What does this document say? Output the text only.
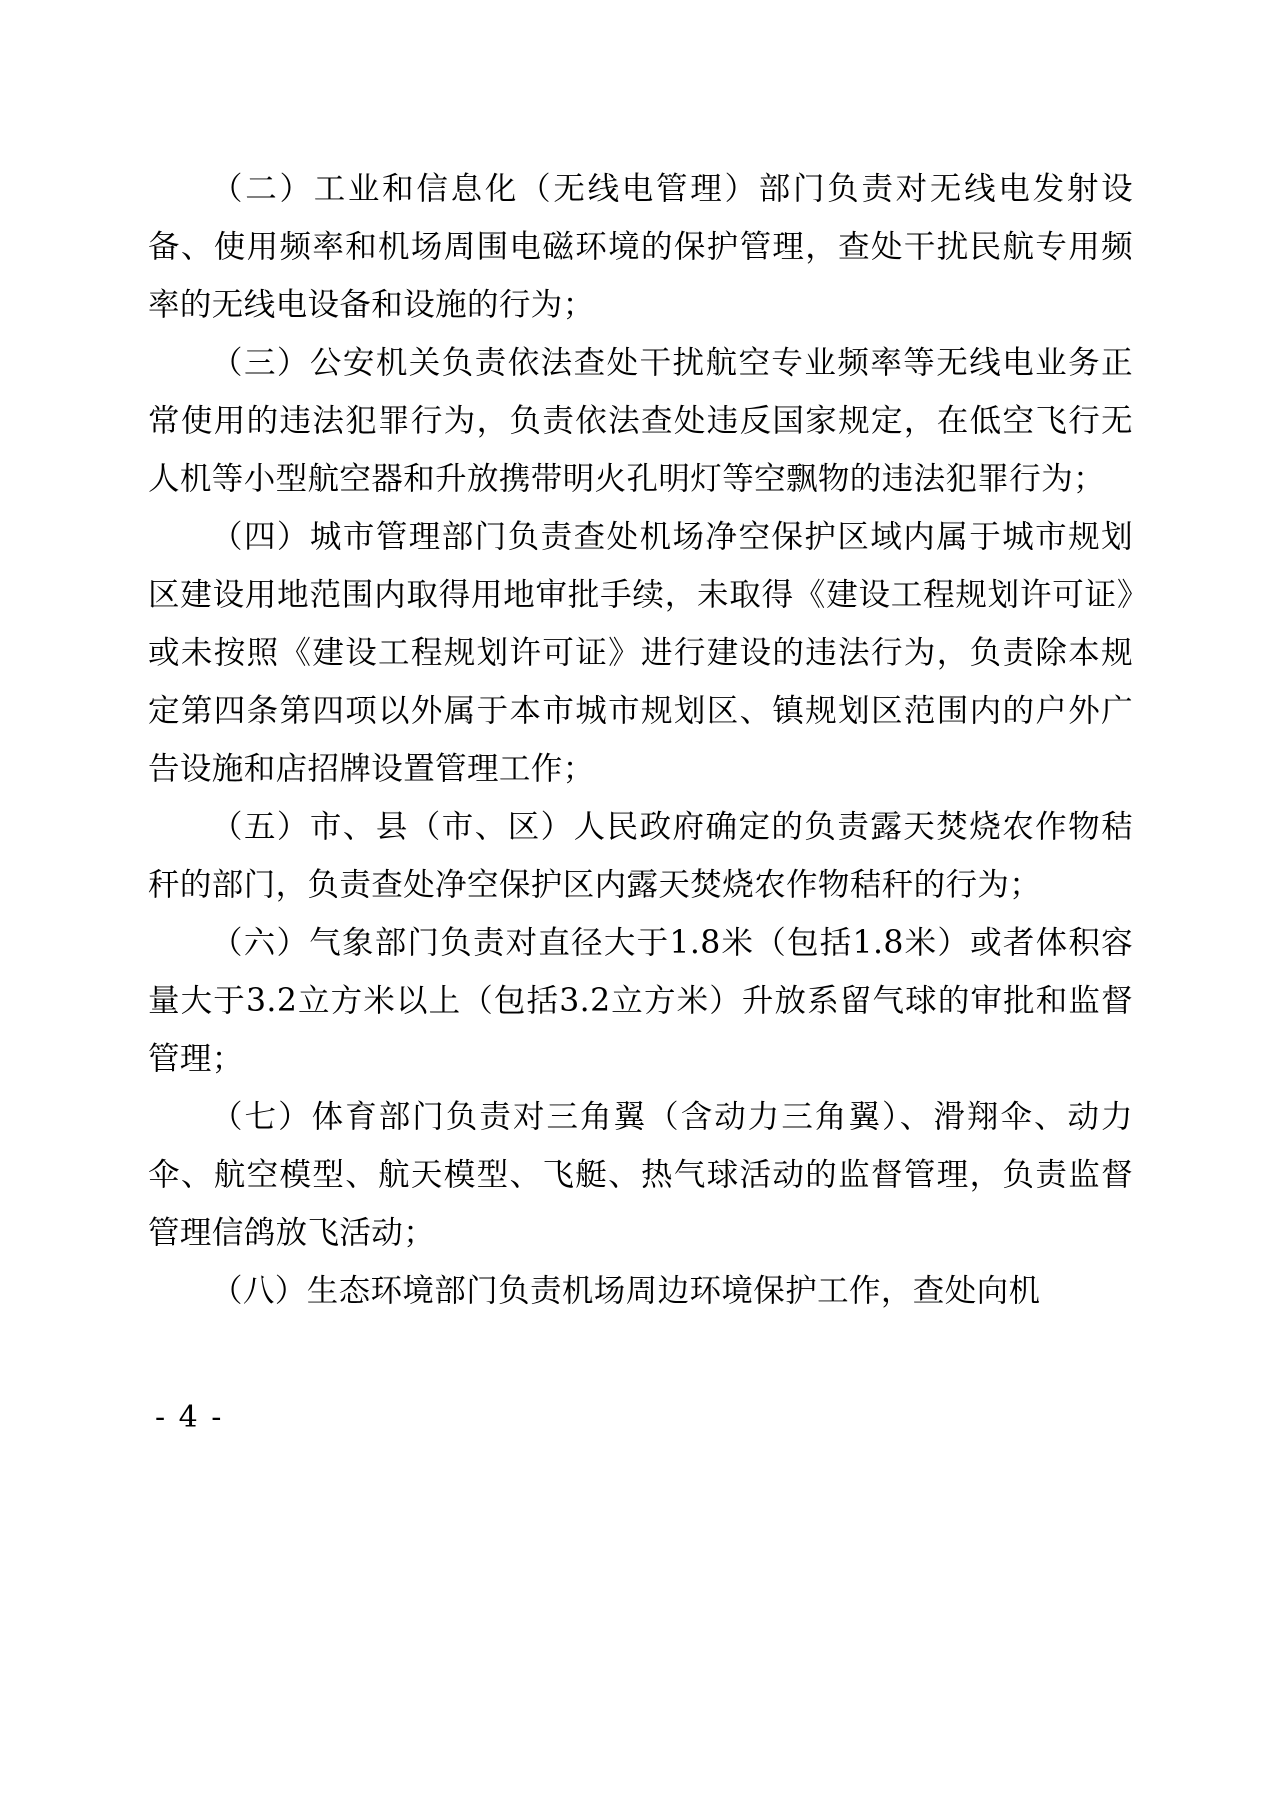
（二）工业和信息化（无线电管理）部门负责对无线电发射设备、使用频率和机场周围电磁环境的保护管理，查处干扰民航专用频率的无线电设备和设施的行为；

（三）公安机关负责依法查处干扰航空专业频率等无线电业务正常使用的违法犯罪行为，负责依法查处违反国家规定，在低空飞行无人机等小型航空器和升放携带明火孔明灯等空飘物的违法犯罪行为；

（四）城市管理部门负责查处机场净空保护区域内属于城市规划区建设用地范围内取得用地审批手续，未取得《建设工程规划许可证》或未按照《建设工程规划许可证》进行建设的违法行为，负责除本规定第四条第四项以外属于本市城市规划区、镇规划区范围内的户外广告设施和店招牌设置管理工作；

（五）市、县（市、区）人民政府确定的负责露天焚烧农作物秸秆的部门，负责查处净空保护区内露天焚烧农作物秸秆的行为；

（六）气象部门负责对直径大于1.8米（包括1.8米）或者体积容量大于3.2立方米以上（包括3.2立方米）升放系留气球的审批和监督管理；

（七）体育部门负责对三角翼（含动力三角翼）、滑翔伞、动力伞、航空模型、航天模型、飞艇、热气球活动的监督管理，负责监督管理信鸽放飞活动；

（八）生态环境部门负责机场周边环境保护工作，查处向机

- 4 -
